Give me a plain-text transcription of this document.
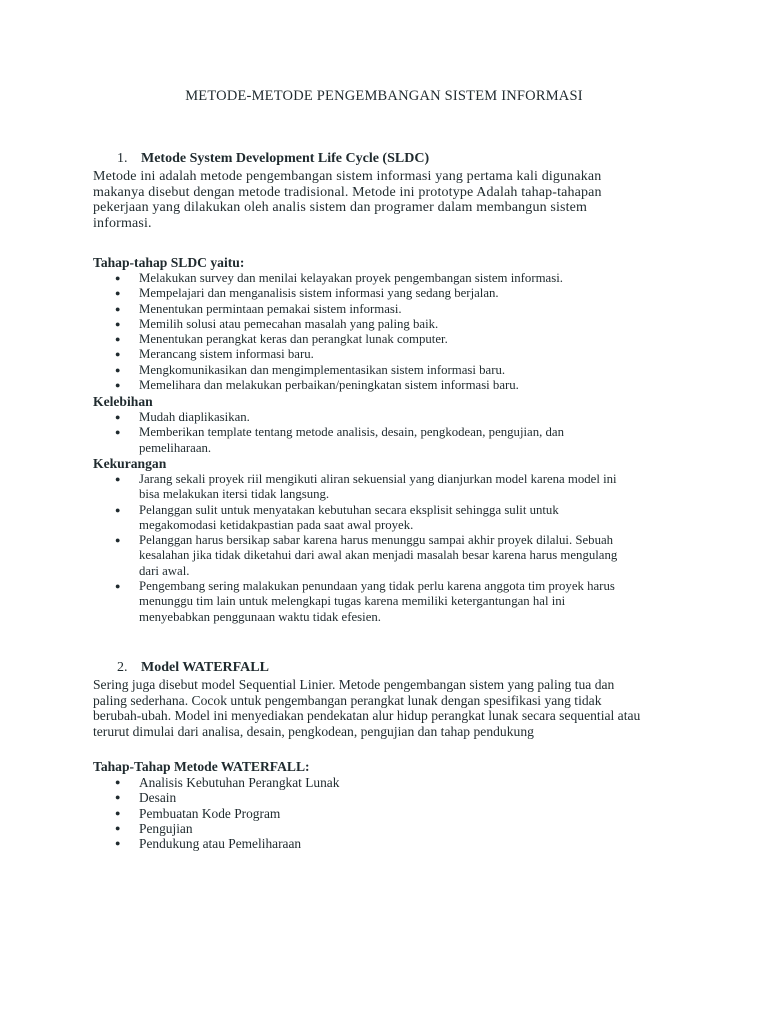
METODE-METODE PENGEMBANGAN SISTEM INFORMASI
1. Metode System Development Life Cycle (SLDC)
Metode ini adalah metode pengembangan sistem informasi yang pertama kali digunakan
makanya disebut dengan metode tradisional. Metode ini prototype Adalah tahap-tahapan
pekerjaan yang dilakukan oleh analis sistem dan programer dalam membangun sistem
informasi.
Tahap-tahap SLDC yaitu:
● Melakukan survey dan menilai kelayakan proyek pengembangan sistem informasi.
● Mempelajari dan menganalisis sistem informasi yang sedang berjalan.
● Menentukan permintaan pemakai sistem informasi.
● Memilih solusi atau pemecahan masalah yang paling baik.
● Menentukan perangkat keras dan perangkat lunak computer.
● Merancang sistem informasi baru.
● Mengkomunikasikan dan mengimplementasikan sistem informasi baru.
● Memelihara dan melakukan perbaikan/peningkatan sistem informasi baru.
Kelebihan
● Mudah diaplikasikan.
● Memberikan template tentang metode analisis, desain, pengkodean, pengujian, dan
pemeliharaan.
Kekurangan
● Jarang sekali proyek riil mengikuti aliran sekuensial yang dianjurkan model karena model ini
bisa melakukan itersi tidak langsung.
● Pelanggan sulit untuk menyatakan kebutuhan secara eksplisit sehingga sulit untuk
megakomodasi ketidakpastian pada saat awal proyek.
● Pelanggan harus bersikap sabar karena harus menunggu sampai akhir proyek dilalui. Sebuah
kesalahan jika tidak diketahui dari awal akan menjadi masalah besar karena harus mengulang
dari awal.
● Pengembang sering malakukan penundaan yang tidak perlu karena anggota tim proyek harus
menunggu tim lain untuk melengkapi tugas karena memiliki ketergantungan hal ini
menyebabkan penggunaan waktu tidak efesien.
2. Model WATERFALL
Sering juga disebut model Sequential Linier. Metode pengembangan sistem yang paling tua dan
paling sederhana. Cocok untuk pengembangan perangkat lunak dengan spesifikasi yang tidak
berubah-ubah. Model ini menyediakan pendekatan alur hidup perangkat lunak secara sequential atau
terurut dimulai dari analisa, desain, pengkodean, pengujian dan tahap pendukung
Tahap-Tahap Metode WATERFALL:
● Analisis Kebutuhan Perangkat Lunak
● Desain
● Pembuatan Kode Program
● Pengujian
● Pendukung atau Pemeliharaan
